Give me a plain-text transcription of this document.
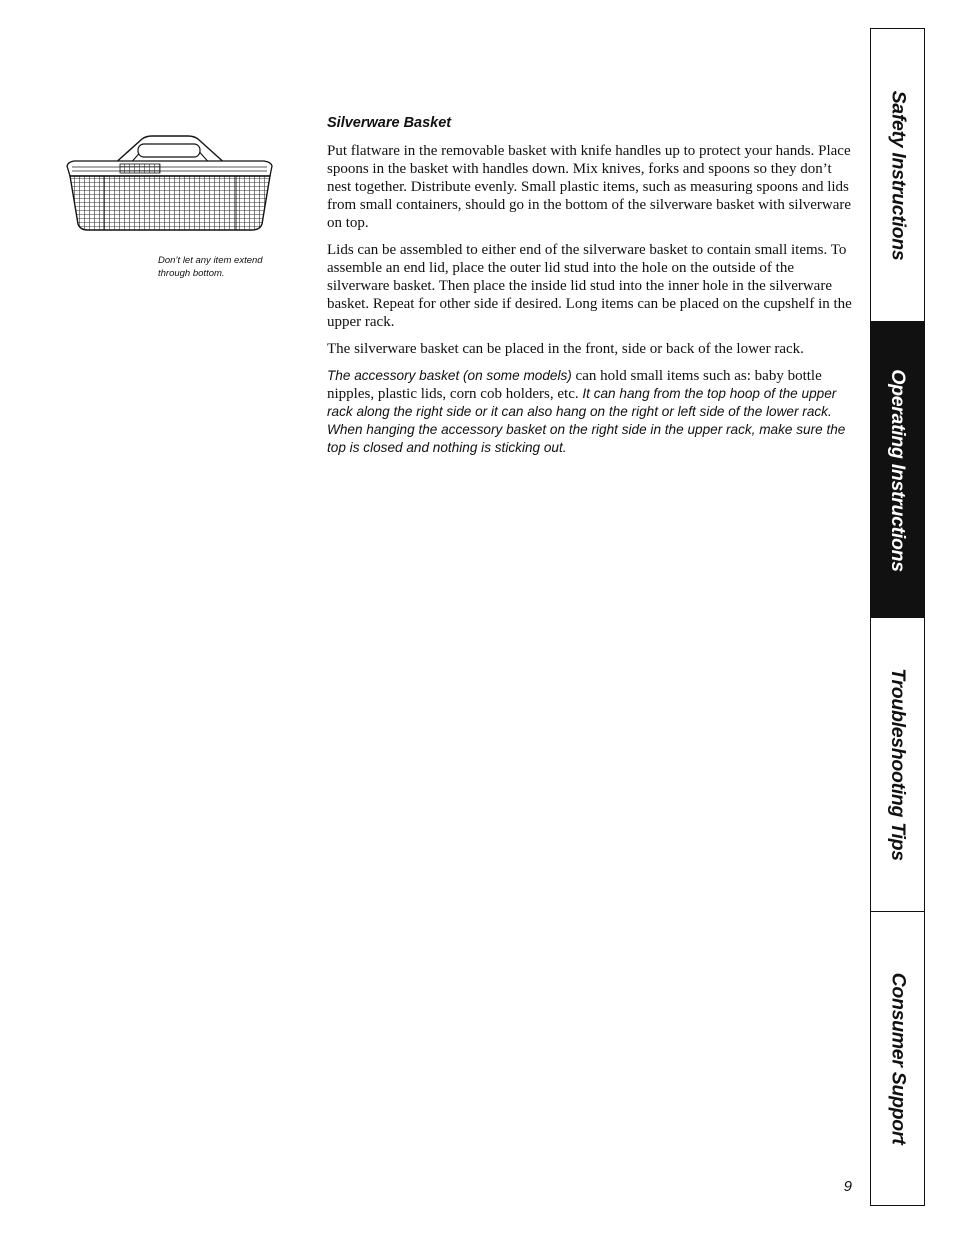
Don’t let any item extend through bottom.
Silverware Basket

Put flatware in the removable basket with knife handles up to protect your hands. Place spoons in the basket with handles down. Mix knives, forks and spoons so they don’t nest together. Distribute evenly. Small plastic items, such as measuring spoons and lids from small containers, should go in the bottom of the silverware basket with silverware on top.

Lids can be assembled to either end of the silverware basket to contain small items. To assemble an end lid, place the outer lid stud into the hole on the outside of the silverware basket. Then place the inside lid stud into the inner hole in the silverware basket. Repeat for other side if desired. Long items can be placed on the cupshelf in the upper rack.

The silverware basket can be placed in the front, side or back of the lower rack.

The accessory basket (on some models) can hold small items such as: baby bottle nipples, plastic lids, corn cob holders, etc. It can hang from the top hoop of the upper rack along the right side or it can also hang on the right or left side of the lower rack. When hanging the accessory basket on the right side in the upper rack, make sure the top is closed and nothing is sticking out.

Safety Instructions
Operating Instructions
Troubleshooting Tips
Consumer Support
9
